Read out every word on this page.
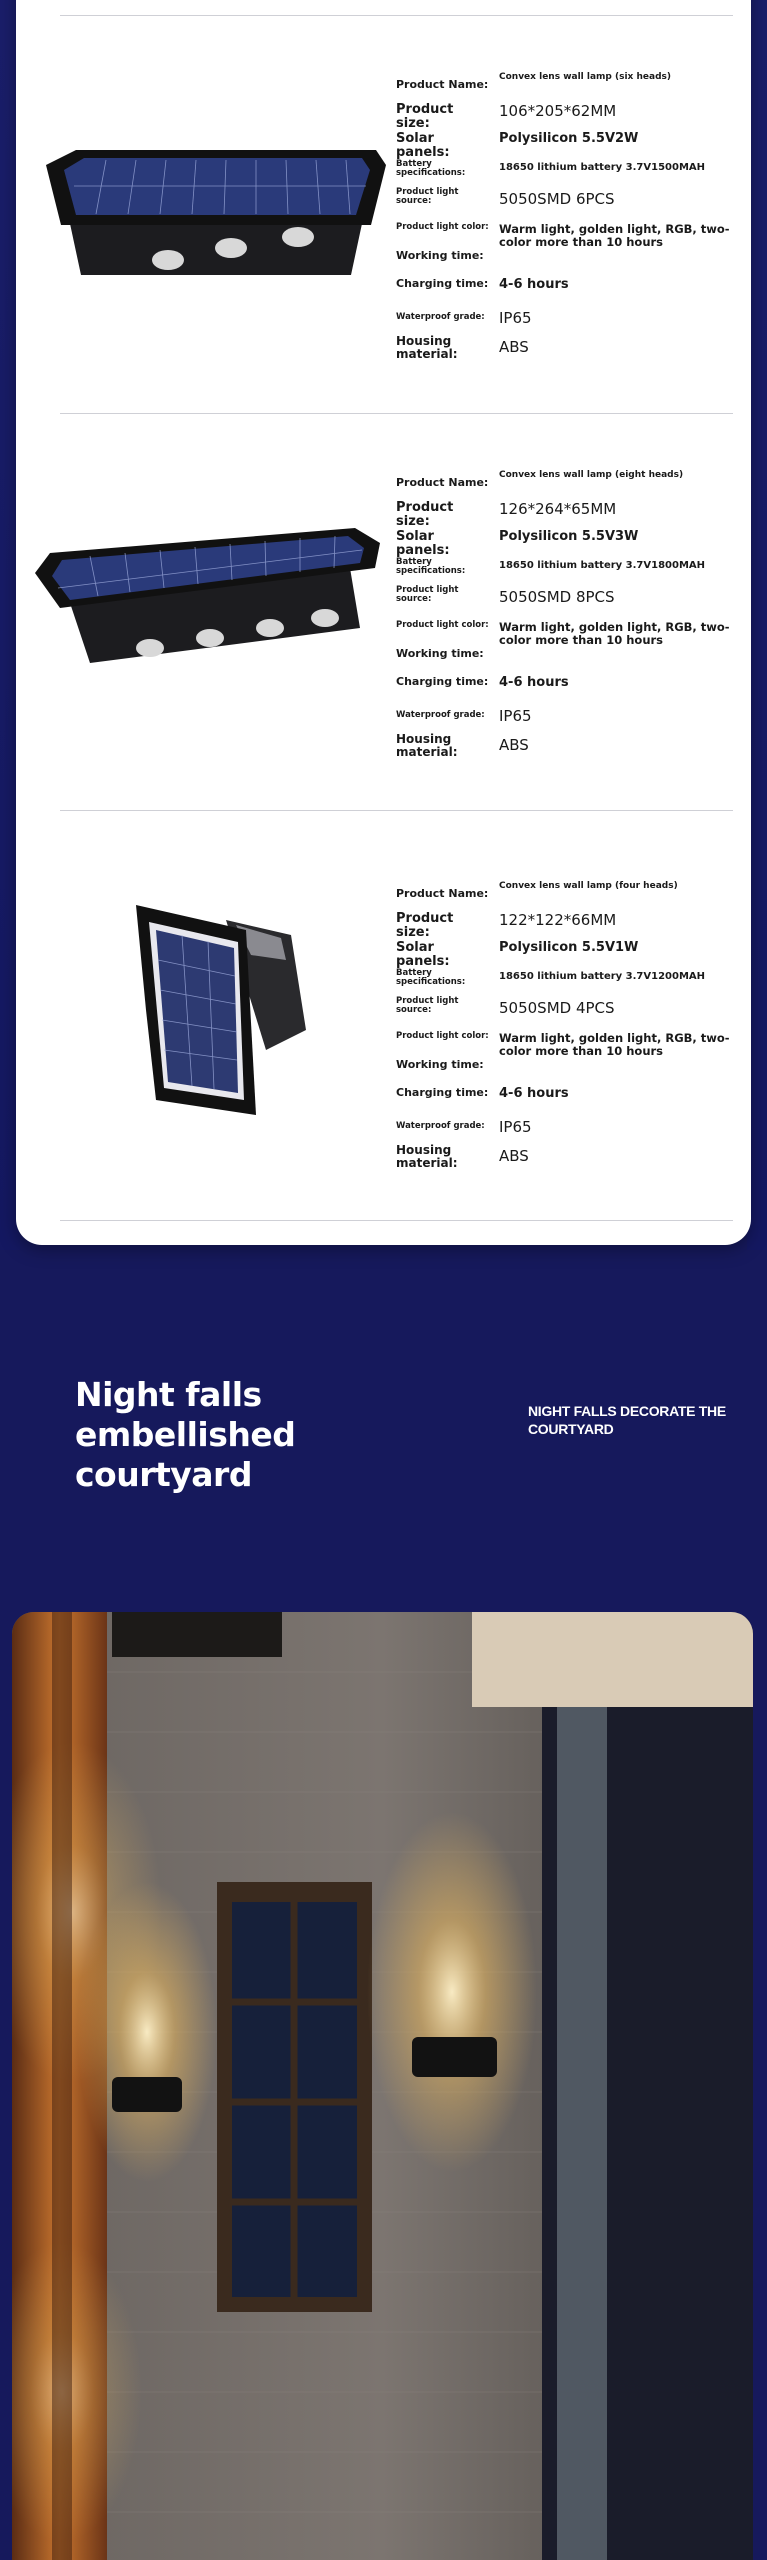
Product Name:
Convex lens wall lamp (six heads)
Product size:
106*205*62MM
Solar panels:
Polysilicon 5.5V2W
Battery specifications:	18650 lithium battery 3.7V1500MAH
Product light source:	5050SMD 6PCS
Product light color: Warm light, golden light, RGB, two-color more than 10 hours
Working time:
Charging time: 4-6 hours
Waterproof grade: IP65
Housing material:	ABS
Product Name:
Convex lens wall lamp (eight heads)
Product size:
126*264*65MM
Solar panels:
Polysilicon 5.5V3W
Battery specifications:	18650 lithium battery 3.7V1800MAH
Product light source:	5050SMD 8PCS
Product light color: Warm light, golden light, RGB, two-color more than 10 hours
Working time:
Charging time: 4-6 hours
Waterproof grade: IP65
Housing material:	ABS
Product Name:
Convex lens wall lamp (four heads)
Product size:
122*122*66MM
Solar panels:
Polysilicon 5.5V1W
Battery specifications:	18650 lithium battery 3.7V1200MAH
Product light source:	5050SMD 4PCS
Product light color: Warm light, golden light, RGB, two-color more than 10 hours
Working time:
Charging time: 4-6 hours
Waterproof grade: IP65
Housing material:	ABS
Night falls embellished courtyard
NIGHT FALLS DECORATE THE COURTYARD
